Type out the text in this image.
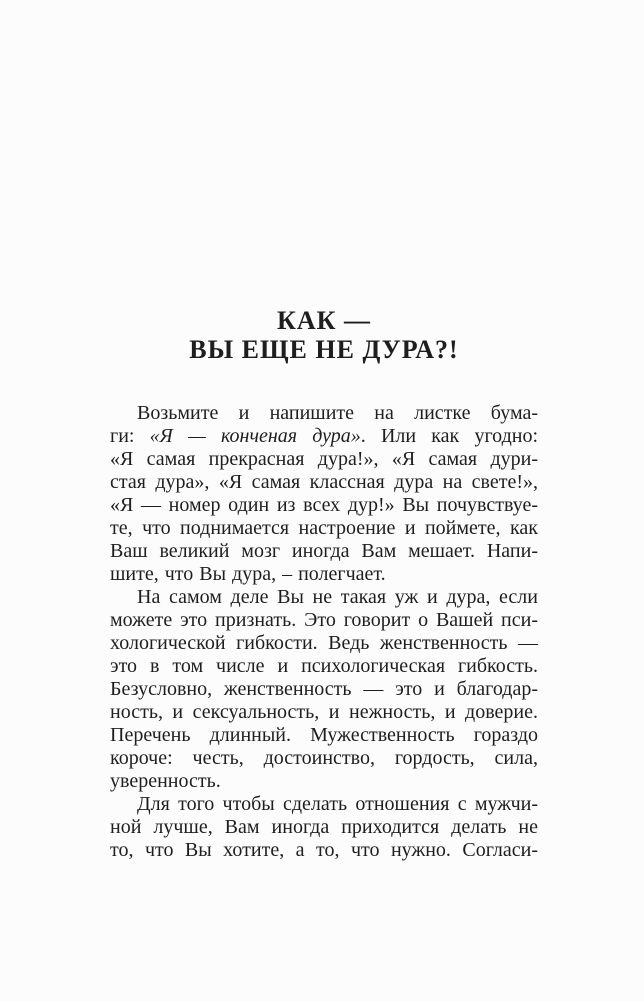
КАК —
ВЫ ЕЩЕ НЕ ДУРА?!
Возьмите и напишите на листке бума-
ги: «Я — конченая дура». Или как угодно:
«Я самая прекрасная дура!», «Я самая дури-
стая дура», «Я самая классная дура на свете!»,
«Я — номер один из всех дур!» Вы почувствуе-
те, что поднимается настроение и поймете, как
Ваш великий мозг иногда Вам мешает. Напи-
шите, что Вы дура, – полегчает.
На самом деле Вы не такая уж и дура, если
можете это признать. Это говорит о Вашей пси-
хологической гибкости. Ведь женственность —
это в том числе и психологическая гибкость.
Безусловно, женственность — это и благодар-
ность, и сексуальность, и нежность, и доверие.
Перечень длинный. Мужественность гораздо
короче: честь, достоинство, гордость, сила,
уверенность.
Для того чтобы сделать отношения с мужчи-
ной лучше, Вам иногда приходится делать не
то, что Вы хотите, а то, что нужно. Согласи-
